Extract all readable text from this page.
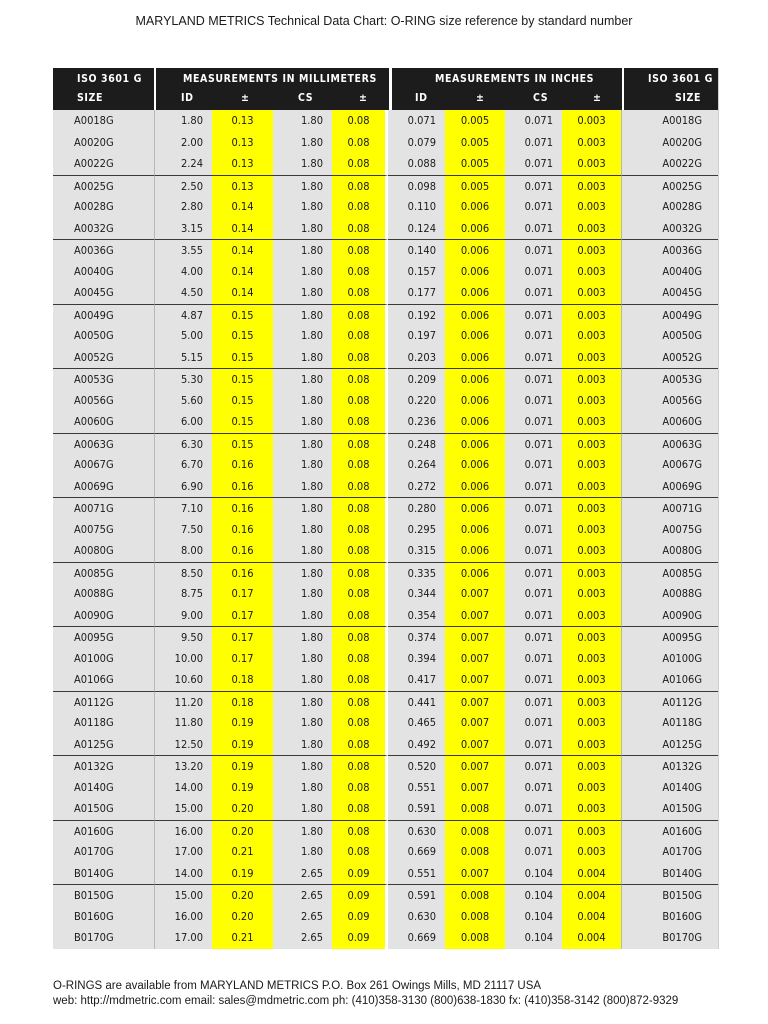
MARYLAND METRICS Technical Data Chart: O-RING size reference by standard number
ISO 3601 G
SIZE
MEASUREMENTS IN MILLIMETERS
ID	±	CS	±
MEASUREMENTS IN INCHES
ID	±	CS	±
ISO 3601 G
SIZE
A0018G	1.80	0.13	1.80	0.08	0.071	0.005	0.071	0.003	A0018G
A0020G	2.00	0.13	1.80	0.08	0.079	0.005	0.071	0.003	A0020G
A0022G	2.24	0.13	1.80	0.08	0.088	0.005	0.071	0.003	A0022G
A0025G	2.50	0.13	1.80	0.08	0.098	0.005	0.071	0.003	A0025G
A0028G	2.80	0.14	1.80	0.08	0.110	0.006	0.071	0.003	A0028G
A0032G	3.15	0.14	1.80	0.08	0.124	0.006	0.071	0.003	A0032G
A0036G	3.55	0.14	1.80	0.08	0.140	0.006	0.071	0.003	A0036G
A0040G	4.00	0.14	1.80	0.08	0.157	0.006	0.071	0.003	A0040G
A0045G	4.50	0.14	1.80	0.08	0.177	0.006	0.071	0.003	A0045G
A0049G	4.87	0.15	1.80	0.08	0.192	0.006	0.071	0.003	A0049G
A0050G	5.00	0.15	1.80	0.08	0.197	0.006	0.071	0.003	A0050G
A0052G	5.15	0.15	1.80	0.08	0.203	0.006	0.071	0.003	A0052G
A0053G	5.30	0.15	1.80	0.08	0.209	0.006	0.071	0.003	A0053G
A0056G	5.60	0.15	1.80	0.08	0.220	0.006	0.071	0.003	A0056G
A0060G	6.00	0.15	1.80	0.08	0.236	0.006	0.071	0.003	A0060G
A0063G	6.30	0.15	1.80	0.08	0.248	0.006	0.071	0.003	A0063G
A0067G	6.70	0.16	1.80	0.08	0.264	0.006	0.071	0.003	A0067G
A0069G	6.90	0.16	1.80	0.08	0.272	0.006	0.071	0.003	A0069G
A0071G	7.10	0.16	1.80	0.08	0.280	0.006	0.071	0.003	A0071G
A0075G	7.50	0.16	1.80	0.08	0.295	0.006	0.071	0.003	A0075G
A0080G	8.00	0.16	1.80	0.08	0.315	0.006	0.071	0.003	A0080G
A0085G	8.50	0.16	1.80	0.08	0.335	0.006	0.071	0.003	A0085G
A0088G	8.75	0.17	1.80	0.08	0.344	0.007	0.071	0.003	A0088G
A0090G	9.00	0.17	1.80	0.08	0.354	0.007	0.071	0.003	A0090G
A0095G	9.50	0.17	1.80	0.08	0.374	0.007	0.071	0.003	A0095G
A0100G	10.00	0.17	1.80	0.08	0.394	0.007	0.071	0.003	A0100G
A0106G	10.60	0.18	1.80	0.08	0.417	0.007	0.071	0.003	A0106G
A0112G	11.20	0.18	1.80	0.08	0.441	0.007	0.071	0.003	A0112G
A0118G	11.80	0.19	1.80	0.08	0.465	0.007	0.071	0.003	A0118G
A0125G	12.50	0.19	1.80	0.08	0.492	0.007	0.071	0.003	A0125G
A0132G	13.20	0.19	1.80	0.08	0.520	0.007	0.071	0.003	A0132G
A0140G	14.00	0.19	1.80	0.08	0.551	0.007	0.071	0.003	A0140G
A0150G	15.00	0.20	1.80	0.08	0.591	0.008	0.071	0.003	A0150G
A0160G	16.00	0.20	1.80	0.08	0.630	0.008	0.071	0.003	A0160G
A0170G	17.00	0.21	1.80	0.08	0.669	0.008	0.071	0.003	A0170G
B0140G	14.00	0.19	2.65	0.09	0.551	0.007	0.104	0.004	B0140G
B0150G	15.00	0.20	2.65	0.09	0.591	0.008	0.104	0.004	B0150G
B0160G	16.00	0.20	2.65	0.09	0.630	0.008	0.104	0.004	B0160G
B0170G	17.00	0.21	2.65	0.09	0.669	0.008	0.104	0.004	B0170G
O-RINGS are available from MARYLAND METRICS P.O. Box 261 Owings Mills, MD 21117 USA
web: http://mdmetric.com email: sales@mdmetric.com ph: (410)358-3130 (800)638-1830 fx: (410)358-3142 (800)872-9329
